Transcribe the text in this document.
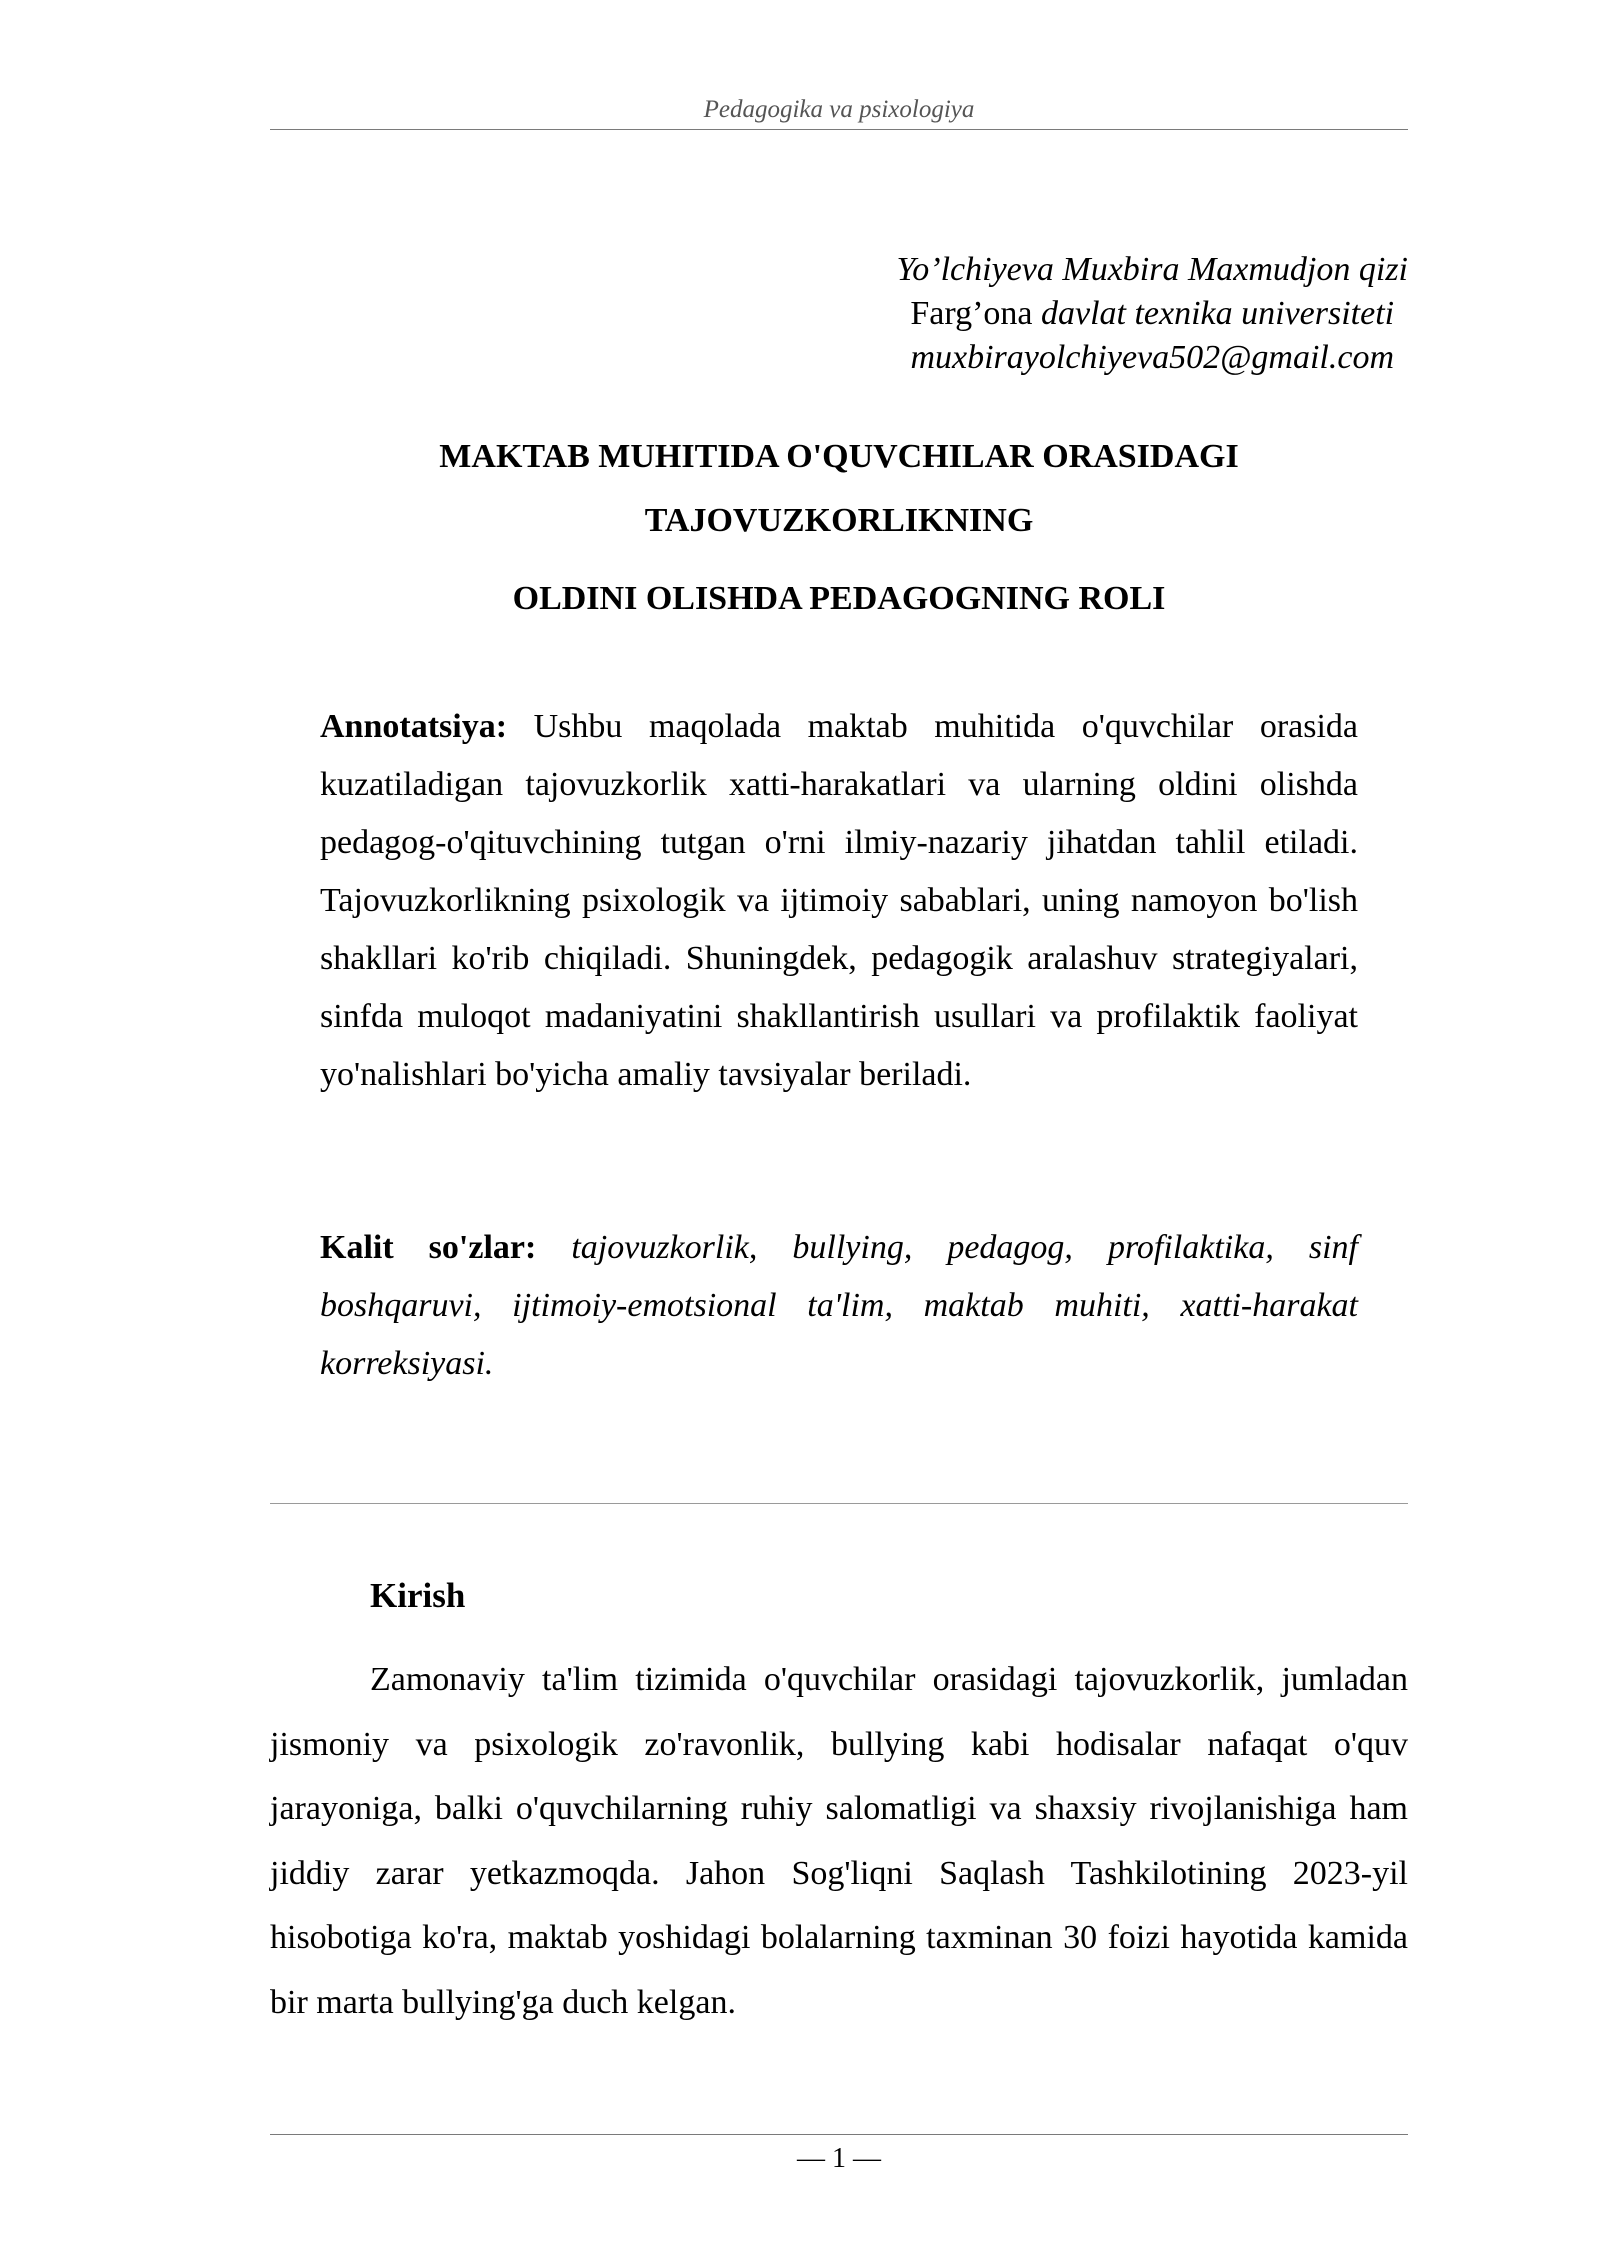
Pedagogika va psixologiya
Yo’lchiyeva Muxbira Maxmudjon qizi
Farg’ona davlat texnika universiteti
muxbirayolchiyeva502@gmail.com
MAKTAB MUHITIDA O'QUVCHILAR ORASIDAGI
TAJOVUZKORLIKNING
OLDINI OLISHDA PEDAGOGNING ROLI
Annotatsiya: Ushbu maqolada maktab muhitida o'quvchilar orasida kuzatiladigan tajovuzkorlik xatti-harakatlari va ularning oldini olishda pedagog-o'qituvchining tutgan o'rni ilmiy-nazariy jihatdan tahlil etiladi. Tajovuzkorlikning psixologik va ijtimoiy sabablari, uning namoyon bo'lish shakllari ko'rib chiqiladi. Shuningdek, pedagogik aralashuv strategiyalari, sinfda muloqot madaniyatini shakllantirish usullari va profilaktik faoliyat yo'nalishlari bo'yicha amaliy tavsiyalar beriladi.
Kalit so'zlar: tajovuzkorlik, bullying, pedagog, profilaktika, sinf boshqaruvi, ijtimoiy-emotsional ta'lim, maktab muhiti, xatti-harakat korreksiyasi.
Kirish
Zamonaviy ta'lim tizimida o'quvchilar orasidagi tajovuzkorlik, jumladan jismoniy va psixologik zo'ravonlik, bullying kabi hodisalar nafaqat o'quv jarayoniga, balki o'quvchilarning ruhiy salomatligi va shaxsiy rivojlanishiga ham jiddiy zarar yetkazmoqda. Jahon Sog'liqni Saqlash Tashkilotining 2023-yil hisobotiga ko'ra, maktab yoshidagi bolalarning taxminan 30 foizi hayotida kamida bir marta bullying'ga duch kelgan.
— 1 —
